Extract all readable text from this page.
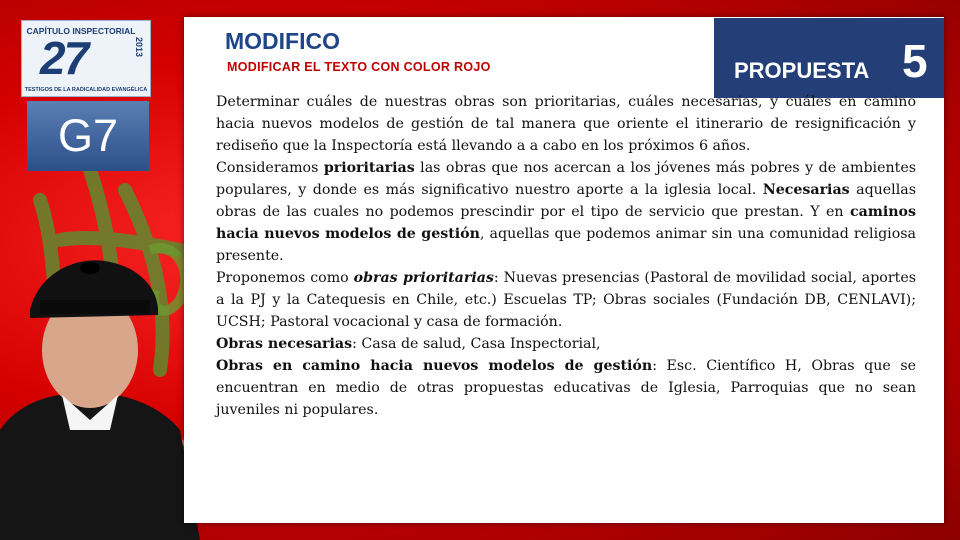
CAPÍTULO INSPECTORIAL
27	2013
TESTIGOS DE LA RADICALIDAD EVANGÉLICA
G7
MODIFICO

MODIFICAR EL TEXTO CON COLOR ROJO	PROPUESTA 5

Determinar cuáles de nuestras obras son prioritarias, cuáles necesarias, y cuáles en camino hacia nuevos modelos de gestión de tal manera que oriente el itinerario de resignificación y rediseño que la Inspectoría está llevando a a cabo en los próximos 6 años.

Consideramos prioritarias las obras que nos acercan a los jóvenes más pobres y de ambientes populares, y donde es más significativo nuestro aporte a la iglesia local. Necesarias aquellas obras de las cuales no podemos prescindir por el tipo de servicio que prestan. Y en caminos hacia nuevos modelos de gestión, aquellas que podemos animar sin una comunidad religiosa presente.

Proponemos como obras prioritarias: Nuevas presencias (Pastoral de movilidad social, aportes a la PJ y la Catequesis en Chile, etc.) Escuelas TP; Obras sociales (Fundación DB, CENLAVI); UCSH; Pastoral vocacional y casa de formación.

Obras necesarias: Casa de salud, Casa Inspectorial,

Obras en camino hacia nuevos modelos de gestión: Esc. Científico H, Obras que se encuentran en medio de otras propuestas educativas de Iglesia, Parroquias que no sean juveniles ni populares.
